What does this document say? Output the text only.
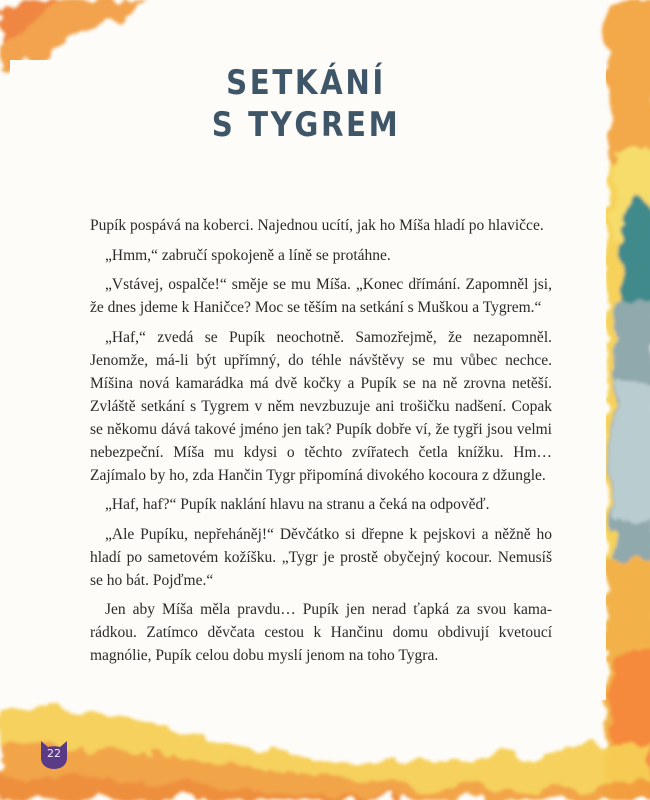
SETKÁNÍ
S TYGREM

Pupík pospává na koberci. Najednou ucítí, jak ho Míša hladí po hlavičce.

„Hmm,“ zabručí spokojeně a líně se protáhne.

„Vstávej, ospalče!“ směje se mu Míša. „Konec dřímání. Zapomněl jsi, že dnes jdeme k Haničce? Moc se těším na setkání s Muškou a Tygrem.“

„Haf,“ zvedá se Pupík neochotně. Samozřejmě, že nezapomněl. Jenomže, má-li být upřímný, do téhle návštěvy se mu vůbec nechce. Míšina nová kamarádka má dvě kočky a Pupík se na ně zrovna netěší. Zvláště setkání s Tygrem v něm nevzbuzuje ani trošičku nadšení. Copak se někomu dává takové jméno jen tak? Pupík dobře ví, že tygři jsou velmi nebezpeční. Míša mu kdysi o těchto zvířatech četla knížku. Hm… Zajímalo by ho, zda Hančin Tygr připomíná divokého kocoura z džungle.

„Haf, haf?“ Pupík naklání hlavu na stranu a čeká na odpověď.

„Ale Pupíku, nepřeháněj!“ Děvčátko si dřepne k pejskovi a něžně ho hladí po sametovém kožíšku. „Tygr je prostě obyčejný kocour. Nemusíš se ho bát. Pojďme.“

Jen aby Míša měla pravdu… Pupík jen nerad ťapká za svou kamarádkou. Zatímco děvčata cestou k Hančinu domu obdivují kvetoucí magnólie, Pupík celou dobu myslí jenom na toho Tygra.

22
